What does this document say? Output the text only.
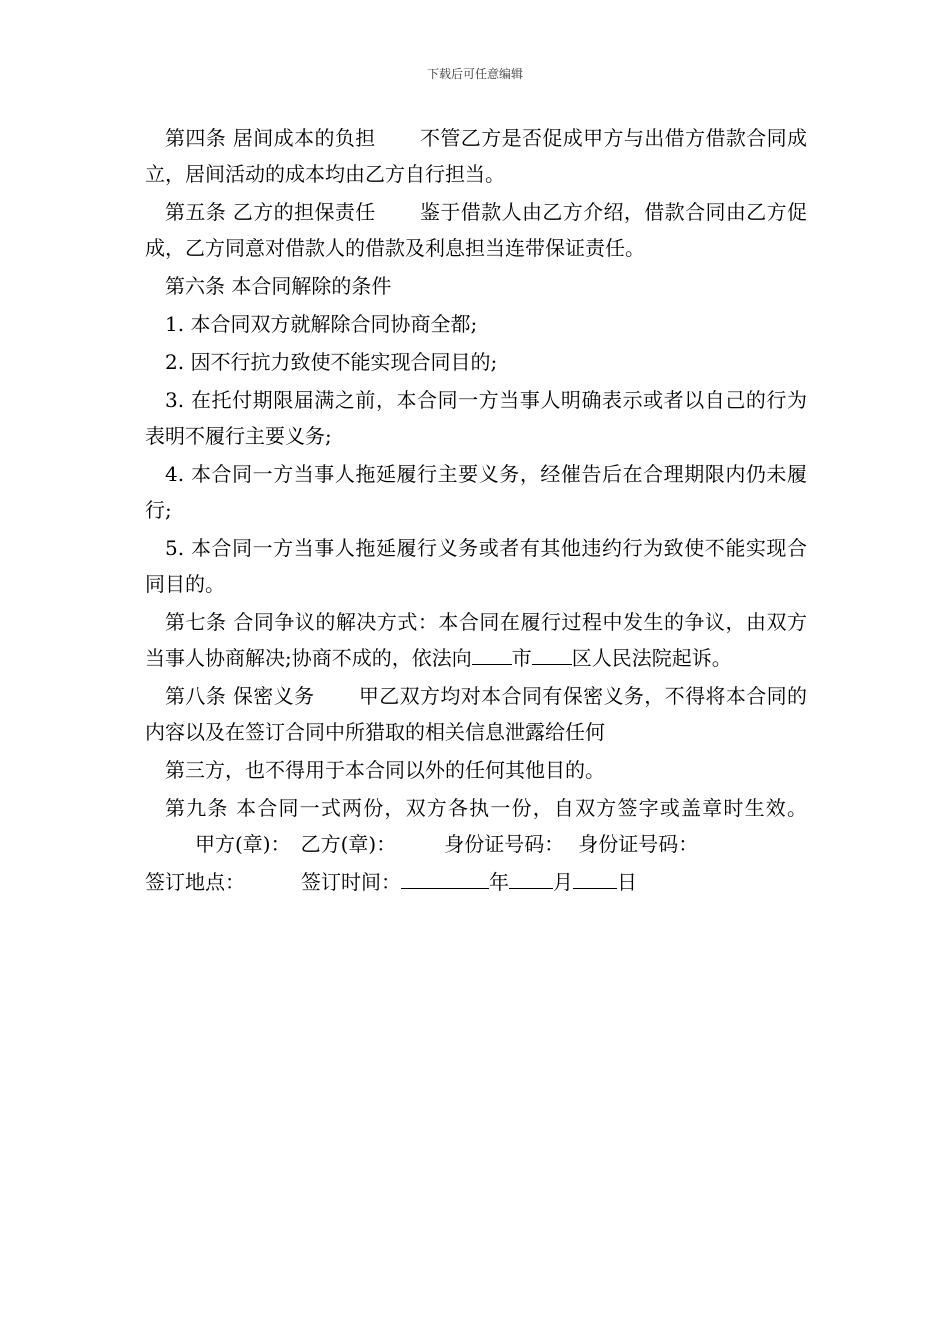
下载后可任意编辑

第四条 居间成本的负担 不管乙方是否促成甲方与出借方借款合同成立，居间活动的成本均由乙方自行担当。

第五条 乙方的担保责任 鉴于借款人由乙方介绍，借款合同由乙方促成，乙方同意对借款人的借款及利息担当连带保证责任。

第六条 本合同解除的条件

1. 本合同双方就解除合同协商全都;

2. 因不行抗力致使不能实现合同目的;

3. 在托付期限届满之前，本合同一方当事人明确表示或者以自己的行为表明不履行主要义务;

4. 本合同一方当事人拖延履行主要义务，经催告后在合理期限内仍未履行;

5. 本合同一方当事人拖延履行义务或者有其他违约行为致使不能实现合同目的。

第七条 合同争议的解决方式：本合同在履行过程中发生的争议，由双方当事人协商解决;协商不成的，依法向 市 区人民法院起诉。

第八条 保密义务 甲乙双方均对本合同有保密义务，不得将本合同的内容以及在签订合同中所猎取的相关信息泄露给任何

第三方，也不得用于本合同以外的任何其他目的。

第九条 本合同一式两份，双方各执一份，自双方签字或盖章时生效。甲方(章)： 乙方(章)： 身份证号码： 身份证号码：

签订地点：	签订时间：	年 月 日
